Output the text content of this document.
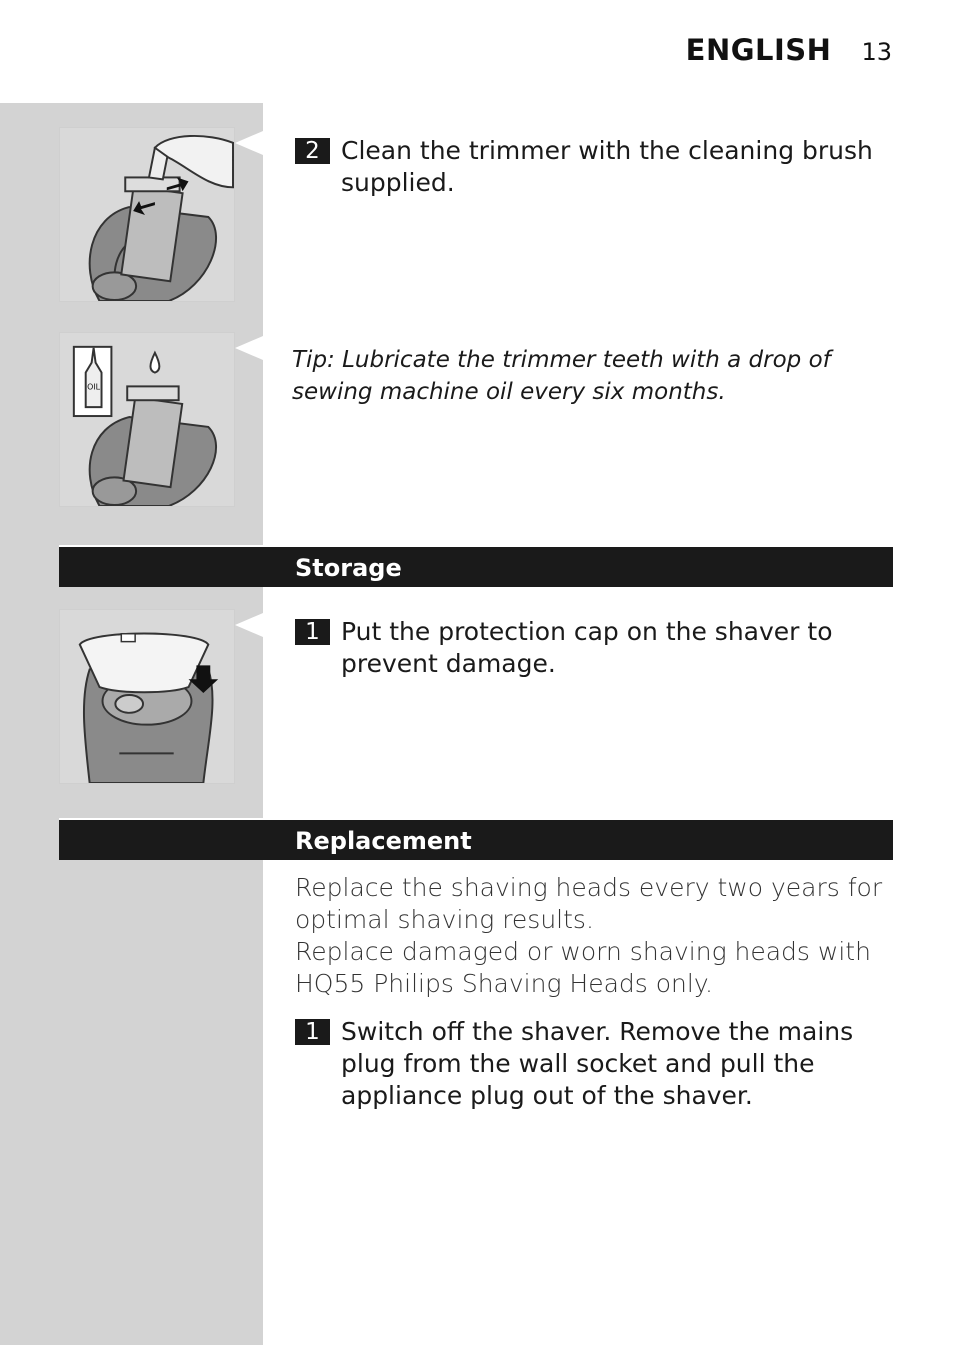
ENGLISH 13
2 Clean the trimmer with the cleaning brush supplied.
OIL
Tip: Lubricate the trimmer teeth with a drop of sewing machine oil every six months.
Storage
1 Put the protection cap on the shaver to prevent damage.
Replacement
Replace the shaving heads every two years for optimal shaving results.
Replace damaged or worn shaving heads with HQ55 Philips Shaving Heads only.
1 Switch off the shaver. Remove the mains plug from the wall socket and pull the appliance plug out of the shaver.
